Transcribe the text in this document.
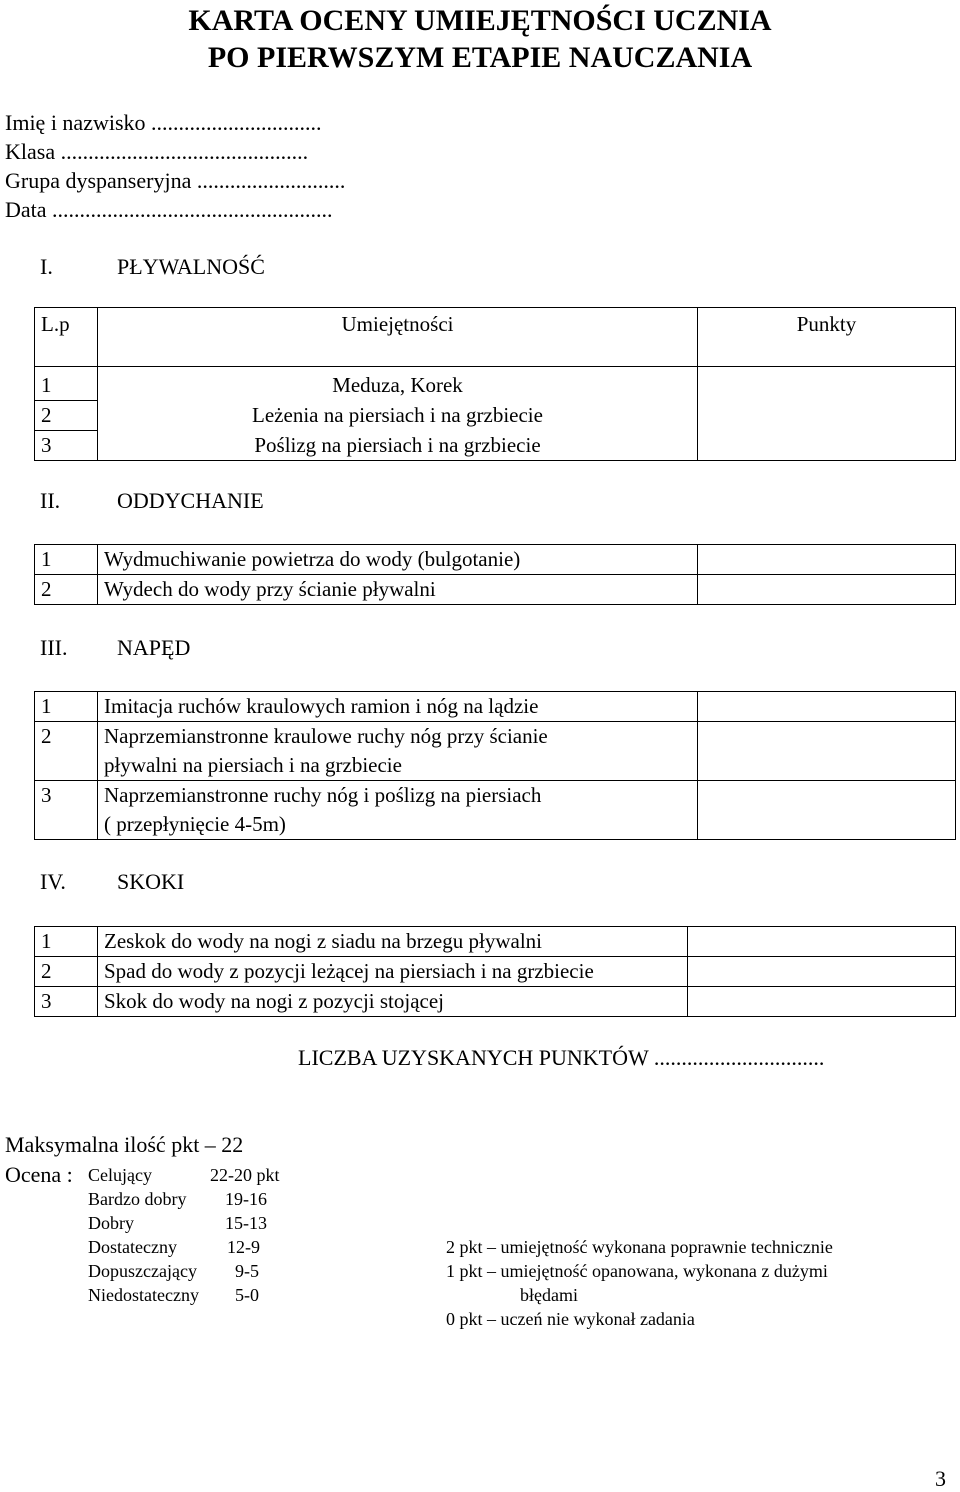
KARTA OCENY UMIEJĘTNOŚCI UCZNIA
PO PIERWSZYM ETAPIE NAUCZANIA
Imię i nazwisko ...............................
Klasa .............................................
Grupa dyspanseryjna ...........................
Data ...................................................
I.	PŁYWALNOŚĆ
L.p	Umiejętności	Punkty
1	Meduza, Korek	
2	Leżenia na piersiach i na grzbiecie	
3	Poślizg na piersiach i na grzbiecie	
II.	ODDYCHANIE
1	Wydmuchiwanie powietrza do wody (bulgotanie)	
2	Wydech do wody przy ścianie pływalni	
III. NAPĘD
1	Imitacja ruchów kraulowych ramion i nóg na lądzie	
2	Naprzemianstronne kraulowe ruchy nóg przy ścianie
pływalni na piersiach i na grzbiecie	

3	Naprzemianstronne ruchy nóg i poślizg na piersiach
( przepłynięcie 4-5m)	

IV. SKOKI
1	Zeskok do wody na nogi z siadu na brzegu pływalni	
2	Spad do wody z pozycji leżącej na piersiach i na grzbiecie	
3	Skok do wody na nogi z pozycji stojącej	
LICZBA UZYSKANYCH PUNKTÓW ...............................
Maksymalna ilość pkt – 22
Ocena : Celujący	22-20 pkt
Bardzo dobry 19-16
Dobry	15-13
Dostateczny	12-9
Dopuszczający 9-5
Niedostateczny 5-0
2 pkt – umiejętność wykonana poprawnie technicznie
1 pkt – umiejętność opanowana, wykonana z dużymi
błędami
0 pkt – uczeń nie wykonał zadania
3
